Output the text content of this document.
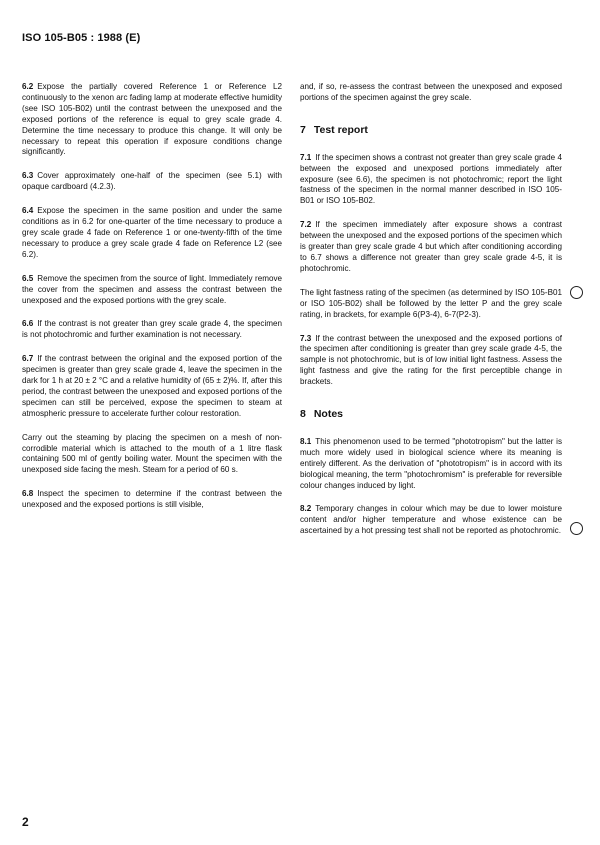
ISO 105-B05 : 1988 (E)

6.2 Expose the partially covered Reference 1 or Reference L2 continuously to the xenon arc fading lamp at moderate effective humidity (see ISO 105-B02) until the contrast between the unexposed and the exposed portions of the reference is equal to grey scale grade 4. Determine the time necessary to produce this change. It will only be necessary to repeat this operation if exposure conditions change significantly.

6.3 Cover approximately one-half of the specimen (see 5.1) with opaque cardboard (4.2.3).

6.4 Expose the specimen in the same position and under the same conditions as in 6.2 for one-quarter of the time necessary to produce a grey scale grade 4 fade on Reference 1 or one-twenty-fifth of the time necessary to produce a grey scale grade 4 fade on Reference L2 (see 6.2).

6.5 Remove the specimen from the source of light. Immediately remove the cover from the specimen and assess the contrast between the unexposed and the exposed portions with the grey scale.

6.6 If the contrast is not greater than grey scale grade 4, the specimen is not photochromic and further examination is not necessary.

6.7 If the contrast between the original and the exposed portion of the specimen is greater than grey scale grade 4, leave the specimen in the dark for 1 h at 20 ± 2 °C and a relative humidity of (65 ± 2)%. If, after this period, the contrast between the unexposed and exposed portions of the specimen can still be perceived, expose the specimen to steam at atmospheric pressure to accelerate further colour restoration.

Carry out the steaming by placing the specimen on a mesh of non-corrodible material which is attached to the mouth of a 1 litre flask containing 500 ml of gently boiling water. Mount the specimen with the unexposed side facing the mesh. Steam for a period of 60 s.

6.8 Inspect the specimen to determine if the contrast between the unexposed and the exposed portions is still visible,

and, if so, re-assess the contrast between the unexposed and exposed portions of the specimen against the grey scale.

7 Test report

7.1 If the specimen shows a contrast not greater than grey scale grade 4 between the exposed and unexposed portions immediately after exposure (see 6.6), the specimen is not photochromic; report the light fastness of the specimen in the normal manner described in ISO 105-B01 or ISO 105-B02.

7.2 If the specimen immediately after exposure shows a contrast between the unexposed and the exposed portions of the specimen which is greater than grey scale grade 4 but which after conditioning according to 6.7 shows a difference not greater than grey scale grade 4-5, it is photochromic.

The light fastness rating of the specimen (as determined by ISO 105-B01 or ISO 105-B02) shall be followed by the letter P and the grey scale rating, in brackets, for example 6(P3-4), 6-7(P2-3).

7.3 If the contrast between the unexposed and the exposed portions of the specimen after conditioning is greater than grey scale grade 4-5, the sample is not photochromic, but is of low initial light fastness. Assess the light fastness and give the rating for the first perceptible change in brackets.

8 Notes

8.1 This phenomenon used to be termed "phototropism" but the latter is much more widely used in biological science where its meaning is entirely different. As the derivation of "phototropism" is in accord with its biological meaning, the term "photochromism" is preferable for reversible colour changes induced by light.

8.2 Temporary changes in colour which may be due to lower moisture content and/or higher temperature and whose existence can be ascertained by a hot pressing test shall not be reported as photochromic.

2
